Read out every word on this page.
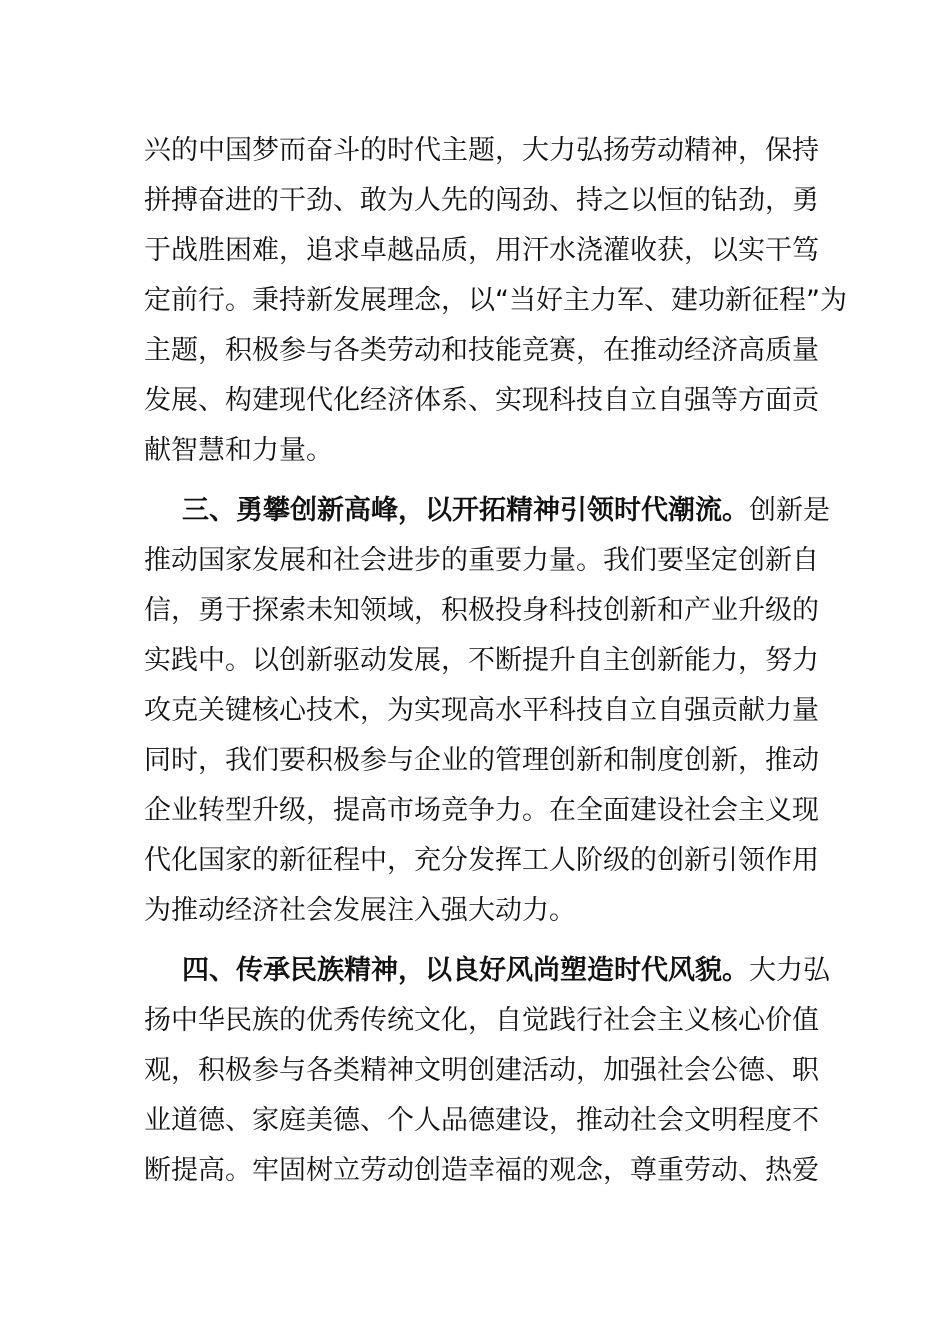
兴的中国梦而奋斗的时代主题，大力弘扬劳动精神，保持
拼搏奋进的干劲、敢为人先的闯劲、持之以恒的钻劲，勇
于战胜困难，追求卓越品质，用汗水浇灌收获，以实干笃
定前行。秉持新发展理念，以“当好主力军、建功新征程”为
主题，积极参与各类劳动和技能竞赛，在推动经济高质量
发展、构建现代化经济体系、实现科技自立自强等方面贡
献智慧和力量。
三、勇攀创新高峰，以开拓精神引领时代潮流。创新是
推动国家发展和社会进步的重要力量。我们要坚定创新自
信，勇于探索未知领域，积极投身科技创新和产业升级的
实践中。以创新驱动发展，不断提升自主创新能力，努力
攻克关键核心技术，为实现高水平科技自立自强贡献力量
同时，我们要积极参与企业的管理创新和制度创新，推动
企业转型升级，提高市场竞争力。在全面建设社会主义现
代化国家的新征程中，充分发挥工人阶级的创新引领作用
为推动经济社会发展注入强大动力。
四、传承民族精神，以良好风尚塑造时代风貌。大力弘
扬中华民族的优秀传统文化，自觉践行社会主义核心价值
观，积极参与各类精神文明创建活动，加强社会公德、职
业道德、家庭美德、个人品德建设，推动社会文明程度不
断提高。牢固树立劳动创造幸福的观念，尊重劳动、热爱
